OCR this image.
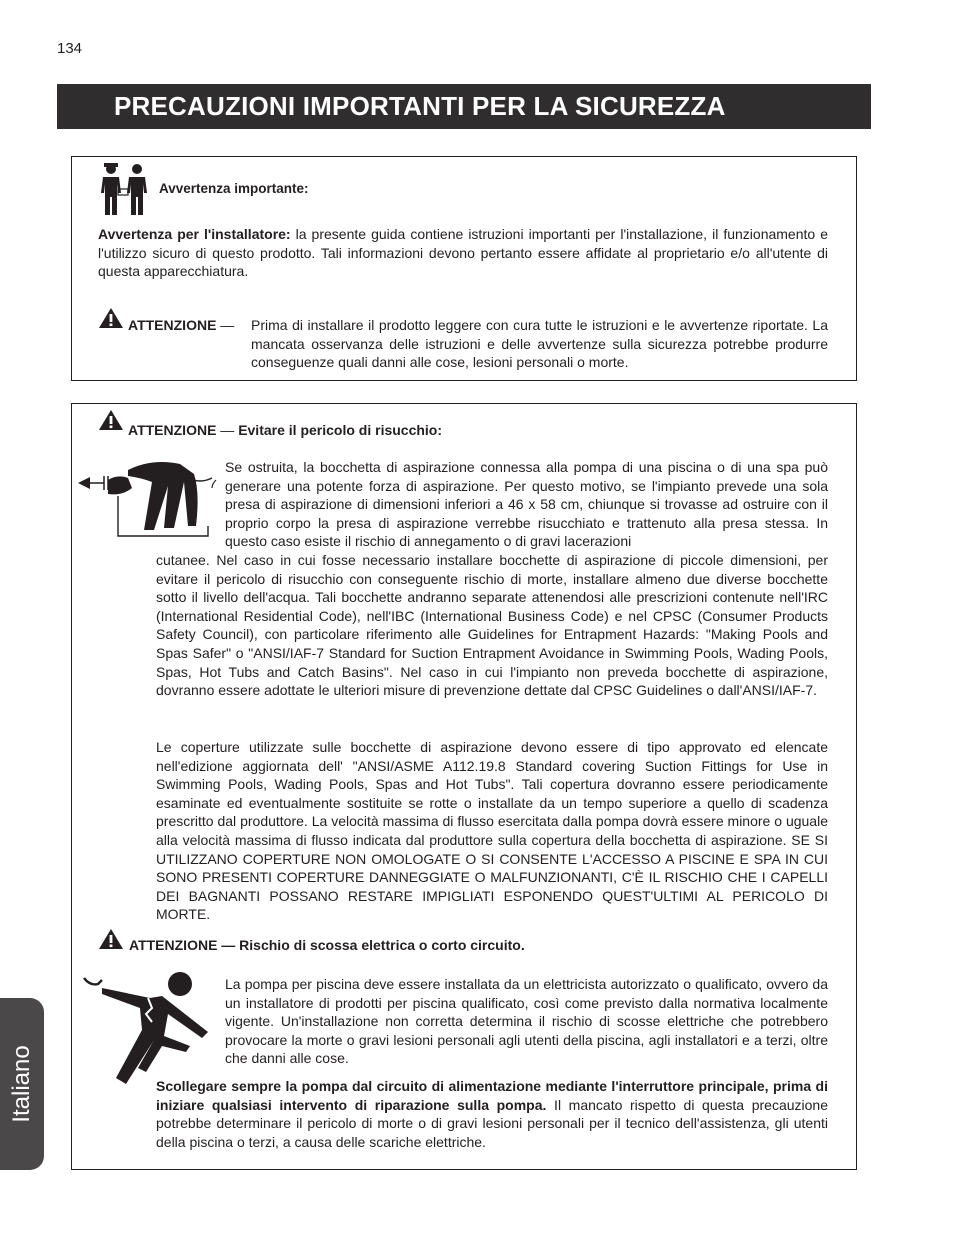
134
PRECAUZIONI IMPORTANTI PER LA SICUREZZA
Avvertenza importante:
Avvertenza per l'installatore: la presente guida contiene istruzioni importanti per l'installazione, il funzionamento e l'utilizzo sicuro di questo prodotto. Tali informazioni devono pertanto essere affidate al proprietario e/o all'utente di questa apparecchiatura.
ATTENZIONE — Prima di installare il prodotto leggere con cura tutte le istruzioni e le avvertenze riportate. La mancata osservanza delle istruzioni e delle avvertenze sulla sicurezza potrebbe produrre conseguenze quali danni alle cose, lesioni personali o morte.
ATTENZIONE — Evitare il pericolo di risucchio:
Se ostruita, la bocchetta di aspirazione connessa alla pompa di una piscina o di una spa può generare una potente forza di aspirazione. Per questo motivo, se l'impianto prevede una sola presa di aspirazione di dimensioni inferiori a 46 x 58 cm, chiunque si trovasse ad ostruire con il proprio corpo la presa di aspirazione verrebbe risucchiato e trattenuto alla presa stessa. In questo caso esiste il rischio di annegamento o di gravi lacerazioni
cutanee. Nel caso in cui fosse necessario installare bocchette di aspirazione di piccole dimensioni, per evitare il pericolo di risucchio con conseguente rischio di morte, installare almeno due diverse bocchette sotto il livello dell'acqua. Tali bocchette andranno separate attenendosi alle prescrizioni contenute nell'IRC (International Residential Code), nell'IBC (International Business Code) e nel CPSC (Consumer Products Safety Council), con particolare riferimento alle Guidelines for Entrapment Hazards: "Making Pools and Spas Safer" o "ANSI/IAF-7 Standard for Suction Entrapment Avoidance in Swimming Pools, Wading Pools, Spas, Hot Tubs and Catch Basins". Nel caso in cui l'impianto non preveda bocchette di aspirazione, dovranno essere adottate le ulteriori misure di prevenzione dettate dal CPSC Guidelines o dall'ANSI/IAF-7.
Le coperture utilizzate sulle bocchette di aspirazione devono essere di tipo approvato ed elencate nell'edizione aggiornata dell' "ANSI/ASME A112.19.8 Standard covering Suction Fittings for Use in Swimming Pools, Wading Pools, Spas and Hot Tubs". Tali copertura dovranno essere periodicamente esaminate ed eventualmente sostituite se rotte o installate da un tempo superiore a quello di scadenza prescritto dal produttore. La velocità massima di flusso esercitata dalla pompa dovrà essere minore o uguale alla velocità massima di flusso indicata dal produttore sulla copertura della bocchetta di aspirazione. SE SI UTILIZZANO COPERTURE NON OMOLOGATE O SI CONSENTE L'ACCESSO A PISCINE E SPA IN CUI SONO PRESENTI COPERTURE DANNEGGIATE O MALFUNZIONANTI, C'È IL RISCHIO CHE I CAPELLI DEI BAGNANTI POSSANO RESTARE IMPIGLIATI ESPONENDO QUEST'ULTIMI AL PERICOLO DI MORTE.
ATTENZIONE — Rischio di scossa elettrica o corto circuito.
La pompa per piscina deve essere installata da un elettricista autorizzato o qualificato, ovvero da un installatore di prodotti per piscina qualificato, così come previsto dalla normativa localmente vigente. Un'installazione non corretta determina il rischio di scosse elettriche che potrebbero provocare la morte o gravi lesioni personali agli utenti della piscina, agli installatori e a terzi, oltre che danni alle cose.
Scollegare sempre la pompa dal circuito di alimentazione mediante l'interruttore principale, prima di iniziare qualsiasi intervento di riparazione sulla pompa. Il mancato rispetto di questa precauzione potrebbe determinare il pericolo di morte o di gravi lesioni personali per il tecnico dell'assistenza, gli utenti della piscina o terzi, a causa delle scariche elettriche.
Italiano
